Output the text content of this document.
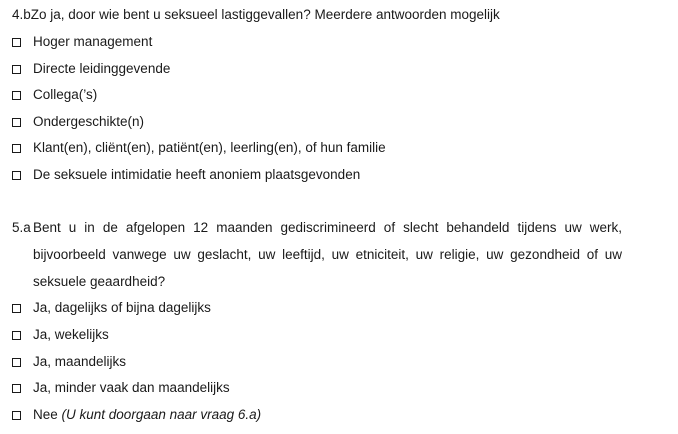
4.bZo ja, door wie bent u seksueel lastiggevallen? Meerdere antwoorden mogelijk
Hoger management
Directe leidinggevende
Collega(’s)
Ondergeschikte(n)
Klant(en), cliënt(en), patiënt(en), leerling(en), of hun familie
De seksuele intimidatie heeft anoniem plaatsgevonden
5.a Bent u in de afgelopen 12 maanden gediscrimineerd of slecht behandeld tijdens uw werk, bijvoorbeeld vanwege uw geslacht, uw leeftijd, uw etniciteit, uw religie, uw gezondheid of uw seksuele geaardheid?
Ja, dagelijks of bijna dagelijks
Ja, wekelijks
Ja, maandelijks
Ja, minder vaak dan maandelijks
Nee (U kunt doorgaan naar vraag 6.a)
